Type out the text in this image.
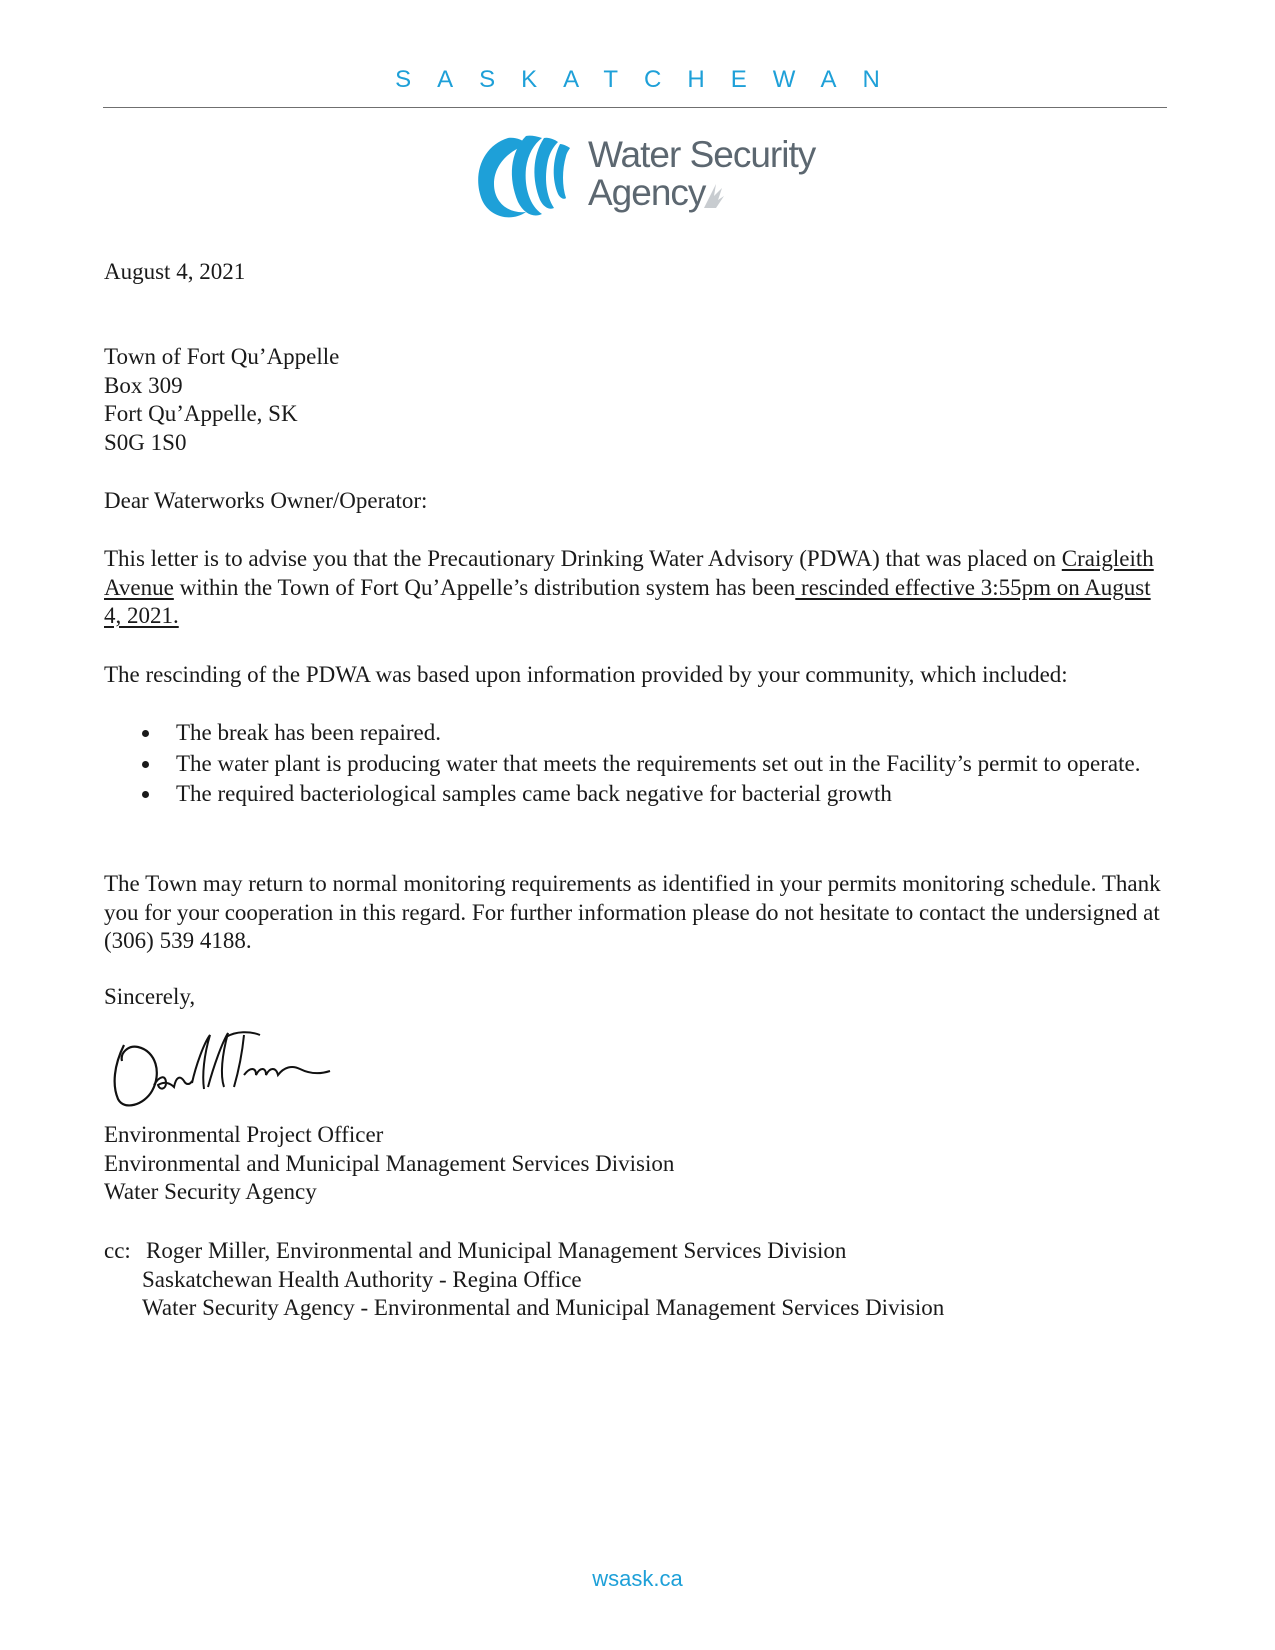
SASKATCHEWAN
Water Security
Agency
August 4, 2021
Town of Fort Qu’Appelle
Box 309
Fort Qu’Appelle, SK
S0G 1S0
Dear Waterworks Owner/Operator:
This letter is to advise you that the Precautionary Drinking Water Advisory (PDWA) that was placed on Craigleith Avenue within the Town of Fort Qu’Appelle’s distribution system has been rescinded effective 3:55pm on August 4, 2021.
The rescinding of the PDWA was based upon information provided by your community, which included:
The break has been repaired.
The water plant is producing water that meets the requirements set out in the Facility’s permit to operate.
The required bacteriological samples came back negative for bacterial growth
The Town may return to normal monitoring requirements as identified in your permits monitoring schedule. Thank you for your cooperation in this regard. For further information please do not hesitate to contact the undersigned at (306) 539 4188.
Sincerely,
Environmental Project Officer
Environmental and Municipal Management Services Division
Water Security Agency
cc: Roger Miller, Environmental and Municipal Management Services Division
Saskatchewan Health Authority - Regina Office
Water Security Agency - Environmental and Municipal Management Services Division
wsask.ca
